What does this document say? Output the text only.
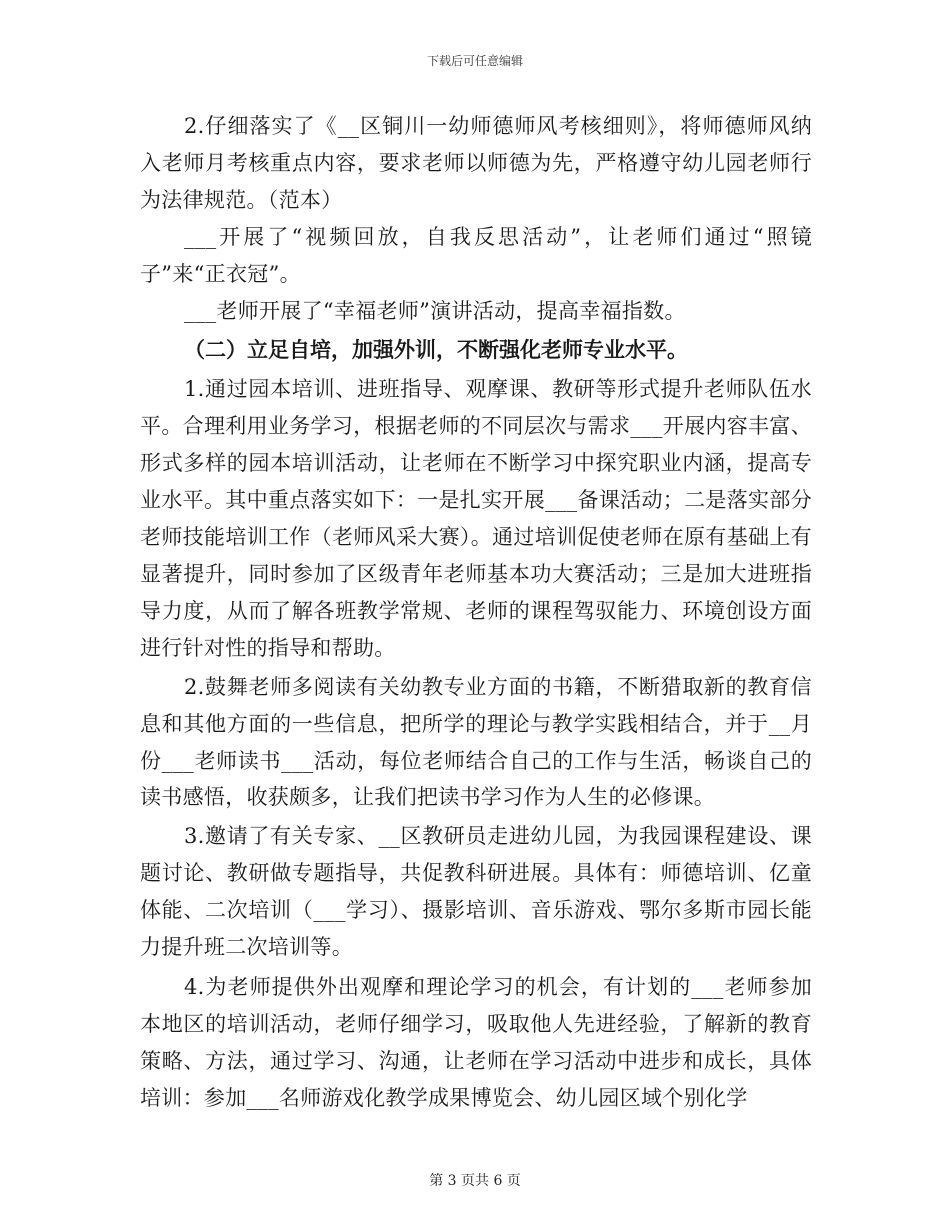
下载后可任意编辑

2.仔细落实了《__区铜川一幼师德师风考核细则》，将师德师风纳入老师月考核重点内容，要求老师以师德为先，严格遵守幼儿园老师行为法律规范。（范本）

___开展了“视频回放，自我反思活动”，让老师们通过“照镜子”来“正衣冠”。

___老师开展了“幸福老师”演讲活动，提高幸福指数。

（二）立足自培，加强外训，不断强化老师专业水平。

1.通过园本培训、进班指导、观摩课、教研等形式提升老师队伍水平。合理利用业务学习，根据老师的不同层次与需求___开展内容丰富、形式多样的园本培训活动，让老师在不断学习中探究职业内涵，提高专业水平。其中重点落实如下：一是扎实开展___备课活动；二是落实部分老师技能培训工作（老师风采大赛）。通过培训促使老师在原有基础上有显著提升，同时参加了区级青年老师基本功大赛活动；三是加大进班指导力度，从而了解各班教学常规、老师的课程驾驭能力、环境创设方面进行针对性的指导和帮助。

2.鼓舞老师多阅读有关幼教专业方面的书籍，不断猎取新的教育信息和其他方面的一些信息，把所学的理论与教学实践相结合，并于__月份___老师读书___活动，每位老师结合自己的工作与生活，畅谈自己的读书感悟，收获颇多，让我们把读书学习作为人生的必修课。

3.邀请了有关专家、__区教研员走进幼儿园，为我园课程建设、课题讨论、教研做专题指导，共促教科研进展。具体有：师德培训、亿童体能、二次培训（___学习）、摄影培训、音乐游戏、鄂尔多斯市园长能力提升班二次培训等。

4.为老师提供外出观摩和理论学习的机会，有计划的___老师参加本地区的培训活动，老师仔细学习，吸取他人先进经验，了解新的教育策略、方法，通过学习、沟通，让老师在学习活动中进步和成长，具体培训：参加___名师游戏化教学成果博览会、幼儿园区域个别化学

第 3 页共 6 页
